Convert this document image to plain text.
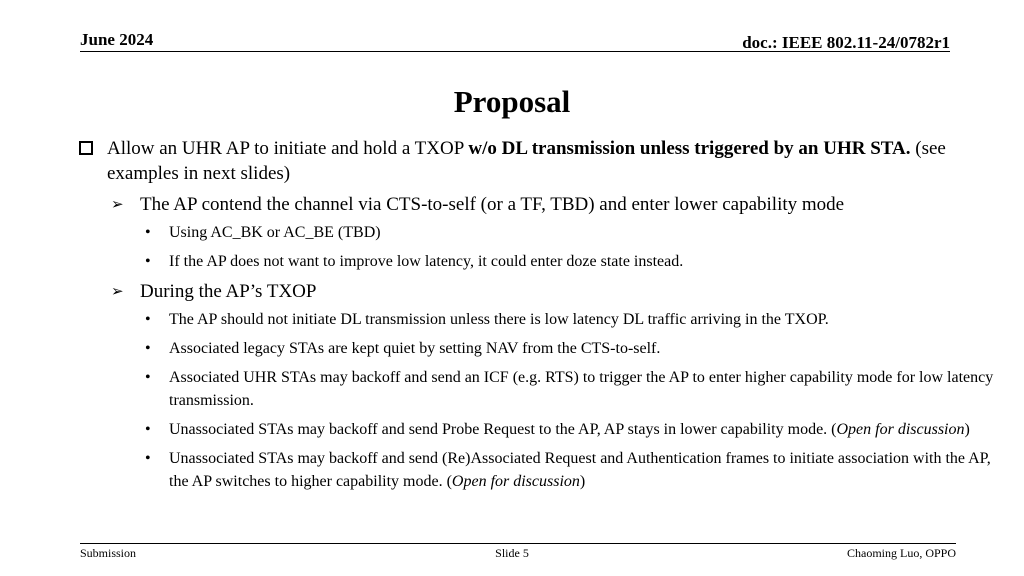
June 2024	doc.: IEEE 802.11-24/0782r1
Proposal
Allow an UHR AP to initiate and hold a TXOP w/o DL transmission unless triggered by an UHR STA. (see examples in next slides)
➢ The AP contend the channel via CTS-to-self (or a TF, TBD) and enter lower capability mode
• Using AC_BK or AC_BE (TBD)
• If the AP does not want to improve low latency, it could enter doze state instead.
➢ During the AP’s TXOP
• The AP should not initiate DL transmission unless there is low latency DL traffic arriving in the TXOP.
• Associated legacy STAs are kept quiet by setting NAV from the CTS-to-self.
• Associated UHR STAs may backoff and send an ICF (e.g. RTS) to trigger the AP to enter higher capability mode for low latency transmission.
• Unassociated STAs may backoff and send Probe Request to the AP, AP stays in lower capability mode. (Open for discussion)
• Unassociated STAs may backoff and send (Re)Associated Request and Authentication frames to initiate association with the AP, the AP switches to higher capability mode. (Open for discussion)
Submission	Slide 5	Chaoming Luo, OPPO
